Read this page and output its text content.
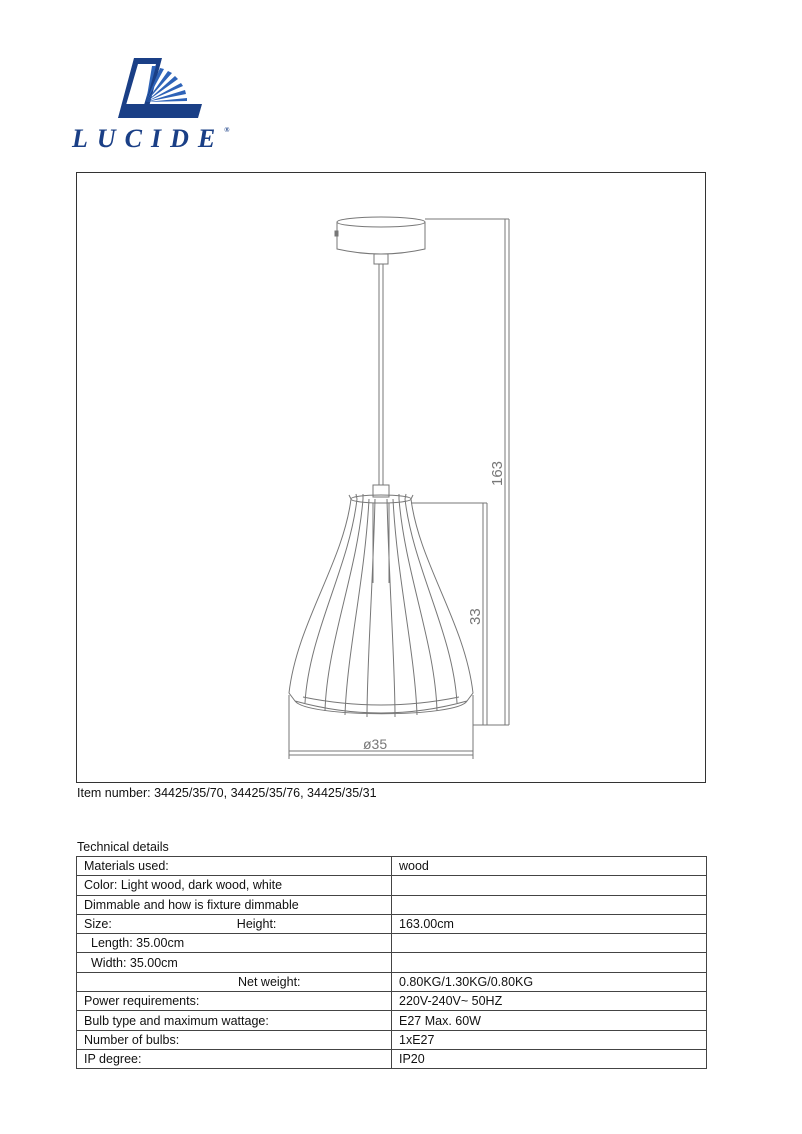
LUCIDE®
163
33
ø35
Item number: 34425/35/70, 34425/35/76, 34425/35/31
Technical details
Materials used:	wood
Color: Light wood, dark wood, white	
Dimmable and how is fixture dimmable	
Size: Height:	163.00cm
Length: 35.00cm	
Width: 35.00cm	
Net weight:	0.80KG/1.30KG/0.80KG
Power requirements:	220V-240V~ 50HZ
Bulb type and maximum wattage:	E27 Max. 60W
Number of bulbs:	1xE27
IP degree:	IP20
